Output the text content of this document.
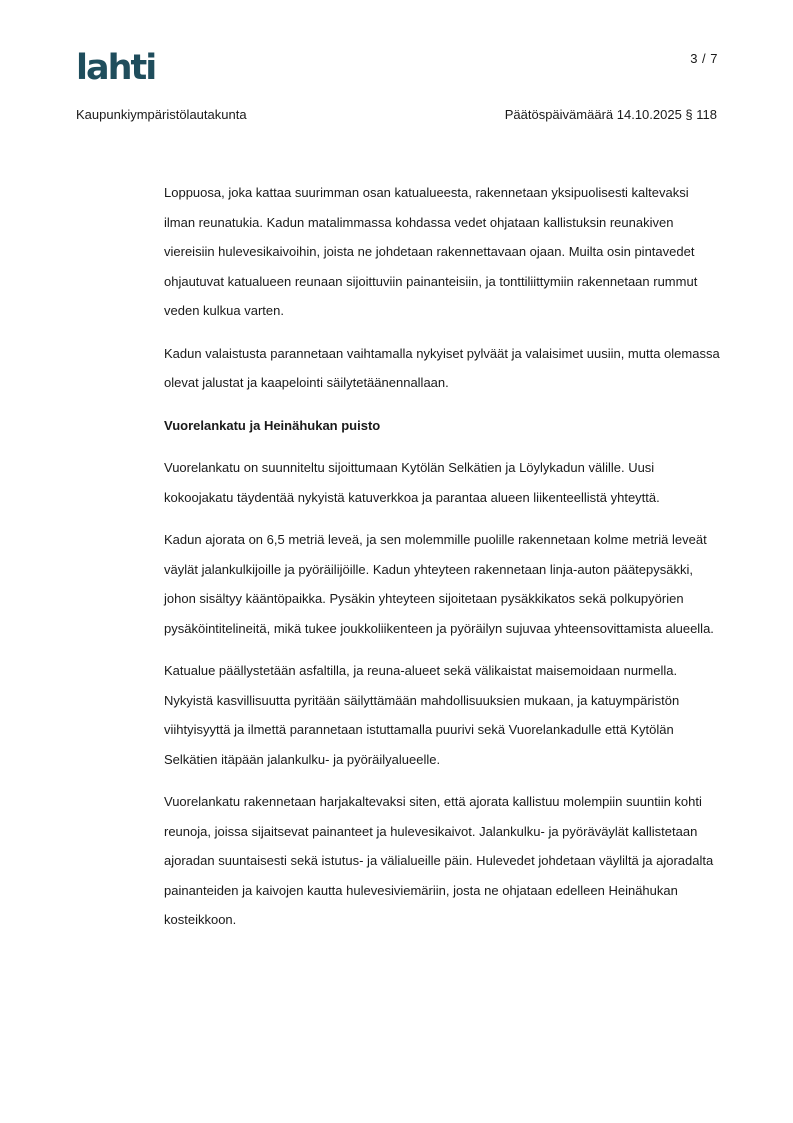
lahti	3 / 7
Kaupunkiympäristölautakunta	Päätöspäivämäärä 14.10.2025 § 118

Loppuosa, joka kattaa suurimman osan katualueesta, rakennetaan yksipuolisesti kaltevaksi ilman reunatukia. Kadun matalimmassa kohdassa vedet ohjataan kallistuksin reunakiven viereisiin hulevesikaivoihin, joista ne johdetaan rakennettavaan ojaan. Muilta osin pintavedet ohjautuvat katualueen reunaan sijoittuviin painanteisiin, ja tonttiliittymiin rakennetaan rummut veden kulkua varten.

Kadun valaistusta parannetaan vaihtamalla nykyiset pylväät ja valaisimet uusiin, mutta olemassa olevat jalustat ja kaapelointi säilytetäänennallaan.

Vuorelankatu ja Heinähukan puisto

Vuorelankatu on suunniteltu sijoittumaan Kytölän Selkätien ja Löylykadun välille. Uusi kokoojakatu täydentää nykyistä katuverkkoa ja parantaa alueen liikenteellistä yhteyttä.

Kadun ajorata on 6,5 metriä leveä, ja sen molemmille puolille rakennetaan kolme metriä leveät väylät jalankulkijoille ja pyöräilijöille. Kadun yhteyteen rakennetaan linja-auton päätepysäkki, johon sisältyy kääntöpaikka. Pysäkin yhteyteen sijoitetaan pysäkkikatos sekä polkupyörien pysäköintitelineitä, mikä tukee joukkoliikenteen ja pyöräilyn sujuvaa yhteensovittamista alueella.

Katualue päällystetään asfaltilla, ja reuna-alueet sekä välikaistat maisemoidaan nurmella. Nykyistä kasvillisuutta pyritään säilyttämään mahdollisuuksien mukaan, ja katuympäristön viihtyisyyttä ja ilmettä parannetaan istuttamalla puurivi sekä Vuorelankadulle että Kytölän Selkätien itäpään jalankulku- ja pyöräilyalueelle.

Vuorelankatu rakennetaan harjakaltevaksi siten, että ajorata kallistuu molempiin suuntiin kohti reunoja, joissa sijaitsevat painanteet ja hulevesikaivot. Jalankulku- ja pyöräväylät kallistetaan ajoradan suuntaisesti sekä istutus- ja välialueille päin. Hulevedet johdetaan väyliltä ja ajoradalta painanteiden ja kaivojen kautta hulevesiviemäriin, josta ne ohjataan edelleen Heinähukan kosteikkoon.
